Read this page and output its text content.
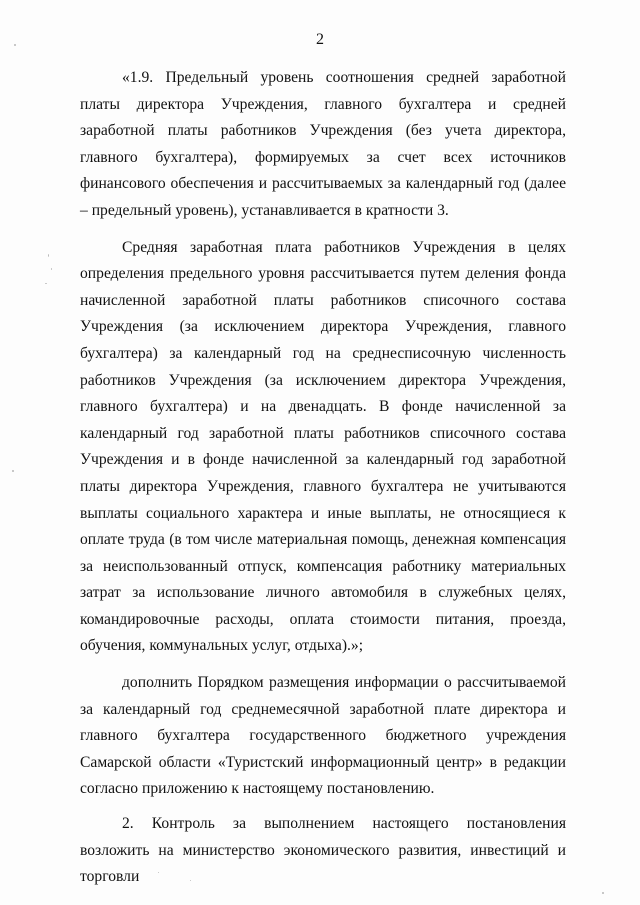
2

«1.9. Предельный уровень соотношения средней заработной платы директора Учреждения, главного бухгалтера и средней заработной платы работников Учреждения (без учета директора, главного бухгалтера), формируемых за счет всех источников финансового обеспечения и рассчитываемых за календарный год (далее – предельный уровень), устанавливается в кратности 3.

Средняя заработная плата работников Учреждения в целях определения предельного уровня рассчитывается путем деления фонда начисленной заработной платы работников списочного состава Учреждения (за исключением директора Учреждения, главного бухгалтера) за календарный год на среднесписочную численность работников Учреждения (за исключением директора Учреждения, главного бухгалтера) и на двенадцать. В фонде начисленной за календарный год заработной платы работников списочного состава Учреждения и в фонде начисленной за календарный год заработной платы директора Учреждения, главного бухгалтера не учитываются выплаты социального характера и иные выплаты, не относящиеся к оплате труда (в том числе материальная помощь, денежная компенсация за неиспользованный отпуск, компенсация работнику материальных затрат за использование личного автомобиля в служебных целях, командировочные расходы, оплата стоимости питания, проезда, обучения, коммунальных услуг, отдыха).»;

дополнить Порядком размещения информации о рассчитываемой за календарный год среднемесячной заработной плате директора и главного бухгалтера государственного бюджетного учреждения Самарской области «Туристский информационный центр» в редакции согласно приложению к настоящему постановлению.

2. Контроль за выполнением настоящего постановления возложить на министерство экономического развития, инвестиций и торговли
